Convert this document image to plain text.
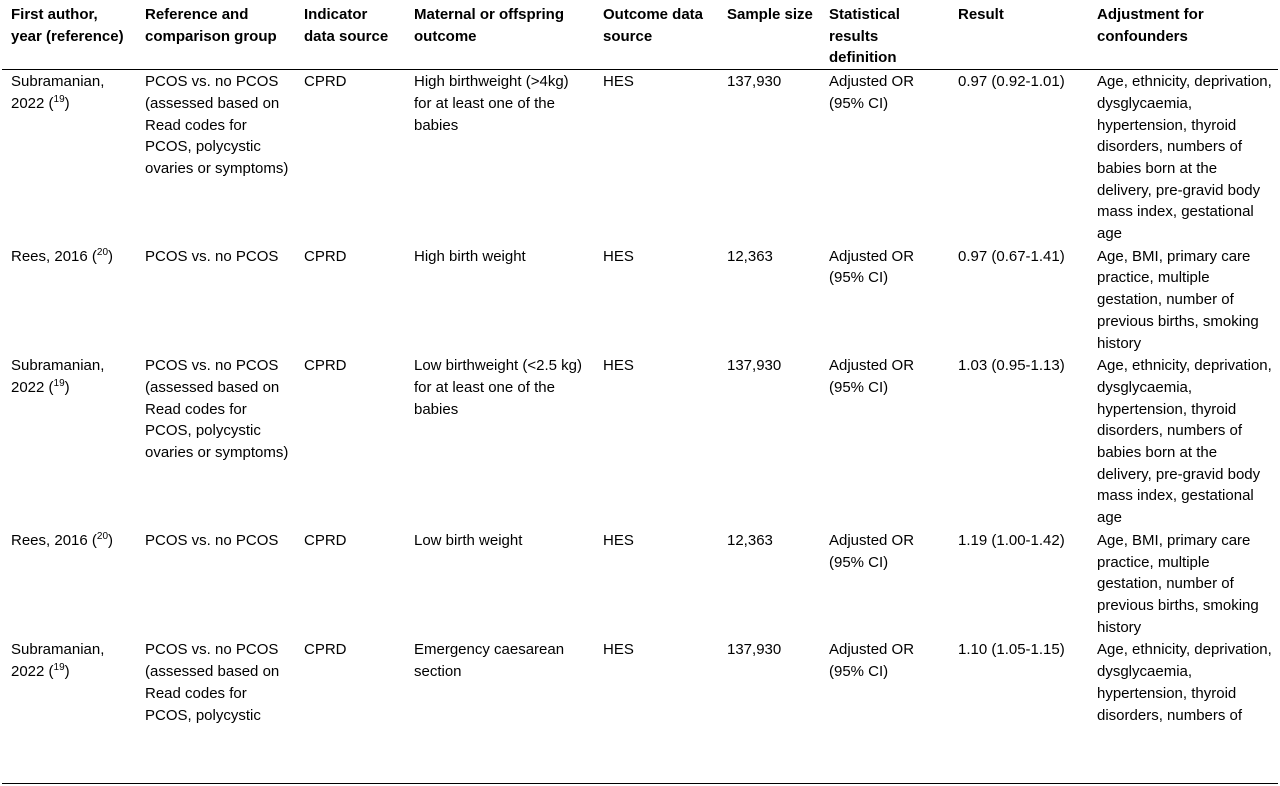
First author, year (reference)	Reference and comparison group	Indicator data source	Maternal or offspring outcome	Outcome data source	Sample size	Statistical results definition	Result	Adjustment for confounders
Subramanian, 2022 ($^{19}$)	PCOS vs. no PCOS (assessed based on Read codes for PCOS, polycystic ovaries or symptoms)	CPRD	High birthweight (>4kg) for at least one of the babies	HES	137,930	Adjusted OR (95% CI)	0.97 (0.92-1.01)	Age, ethnicity, deprivation, dysglycaemia, hypertension, thyroid disorders, numbers of babies born at the delivery, pre-gravid body mass index, gestational age
Rees, 2016 ($^{20}$)	PCOS vs. no PCOS	CPRD	High birth weight	HES	12,363	Adjusted OR (95% CI)	0.97 (0.67-1.41)	Age, BMI, primary care practice, multiple gestation, number of previous births, smoking history
Subramanian, 2022 ($^{19}$)	PCOS vs. no PCOS (assessed based on Read codes for PCOS, polycystic ovaries or symptoms)	CPRD	Low birthweight (<2.5 kg) for at least one of the babies	HES	137,930	Adjusted OR (95% CI)	1.03 (0.95-1.13)	Age, ethnicity, deprivation, dysglycaemia, hypertension, thyroid disorders, numbers of babies born at the delivery, pre-gravid body mass index, gestational age
Rees, 2016 ($^{20}$)	PCOS vs. no PCOS	CPRD	Low birth weight	HES	12,363	Adjusted OR (95% CI)	1.19 (1.00-1.42)	Age, BMI, primary care practice, multiple gestation, number of previous births, smoking history
Subramanian, 2022 ($^{19}$)	PCOS vs. no PCOS (assessed based on Read codes for PCOS, polycystic	CPRD	Emergency caesarean section	HES	137,930	Adjusted OR (95% CI)	1.10 (1.05-1.15)	Age, ethnicity, deprivation, dysglycaemia, hypertension, thyroid disorders, numbers of
